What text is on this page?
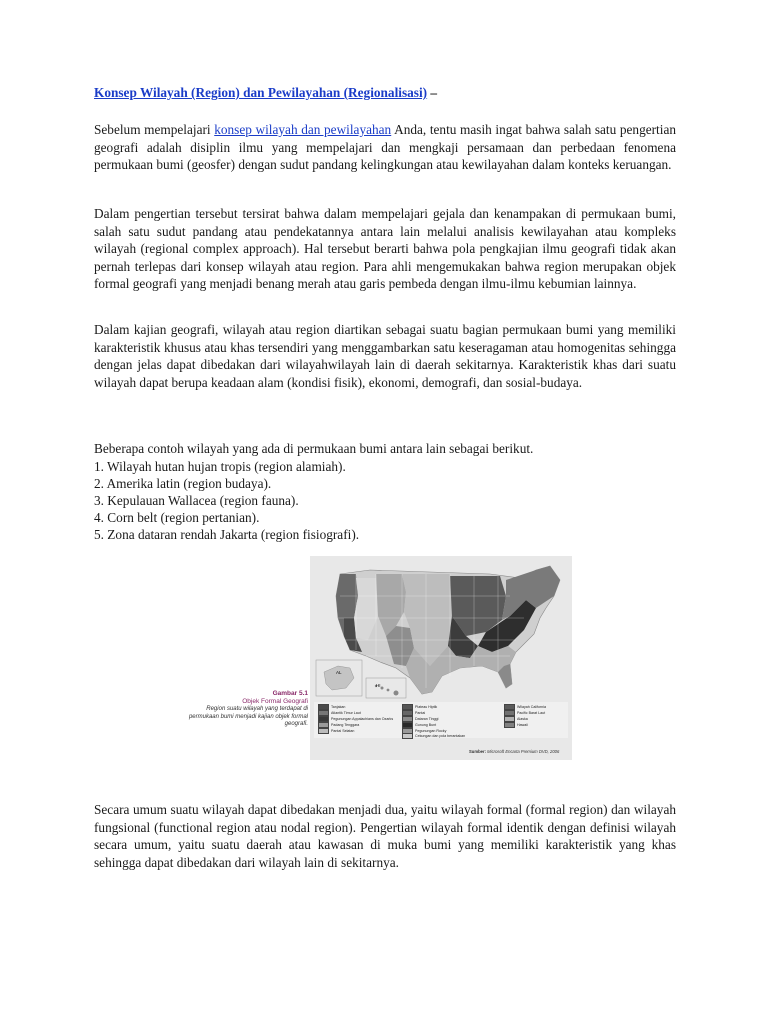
Konsep Wilayah (Region) dan Pewilayahan (Regionalisasi) –

Sebelum mempelajari konsep wilayah dan pewilayahan Anda, tentu masih ingat bahwa salah satu pengertian geografi adalah disiplin ilmu yang mempelajari dan mengkaji persamaan dan perbedaan fenomena permukaan bumi (geosfer) dengan sudut pandang kelingkungan atau kewilayahan dalam konteks keruangan.

Dalam pengertian tersebut tersirat bahwa dalam mempelajari gejala dan kenampakan di permukaan bumi, salah satu sudut pandang atau pendekatannya antara lain melalui analisis kewilayahan atau kompleks wilayah (regional complex approach). Hal tersebut berarti bahwa pola pengkajian ilmu geografi tidak akan pernah terlepas dari konsep wilayah atau region. Para ahli mengemukakan bahwa region merupakan objek formal geografi yang menjadi benang merah atau garis pembeda dengan ilmu-ilmu kebumian lainnya.

Dalam kajian geografi, wilayah atau region diartikan sebagai suatu bagian permukaan bumi yang memiliki karakteristik khusus atau khas tersendiri yang menggambarkan satu keseragaman atau homogenitas sehingga dengan jelas dapat dibedakan dari wilayahwilayah lain di daerah sekitarnya. Karakteristik khas dari suatu wilayah dapat berupa keadaan alam (kondisi fisik), ekonomi, demografi, dan sosial-budaya.

Beberapa contoh wilayah yang ada di permukaan bumi antara lain sebagai berikut.

1. Wilayah hutan hujan tropis (region alamiah).
2. Amerika latin (region budaya).
3. Kepulauan Wallacea (region fauna).
4. Corn belt (region pertanian).
5. Zona dataran rendah Jakarta (region fisiografi).
Gambar 5.1
Objek Formal Geografi
Region suatu wilayah yang terdapat di permukaan bumi menjadi kajian objek formal geografi.
AL
HI
Tanjakan
Atlantik Timur Laut
Pegunungan Appalachians dan Ozarks
Padang Tenggara
Pantai Selatan
Plateau Hiptik
Pantai
Dataran Tinggi
Gunung Bunt
Pegunungan Rocky
Cekungan dan pola berantakan
Wilayah California
Pacific Barat Laut
Alaska
Hawaii
Sumber: Microsoft Encarta Premium DVD, 2006
Secara umum suatu wilayah dapat dibedakan menjadi dua, yaitu wilayah formal (formal region) dan wilayah fungsional (functional region atau nodal region). Pengertian wilayah formal identik dengan definisi wilayah secara umum, yaitu suatu daerah atau kawasan di muka bumi yang memiliki karakteristik yang khas sehingga dapat dibedakan dari wilayah lain di sekitarnya.
